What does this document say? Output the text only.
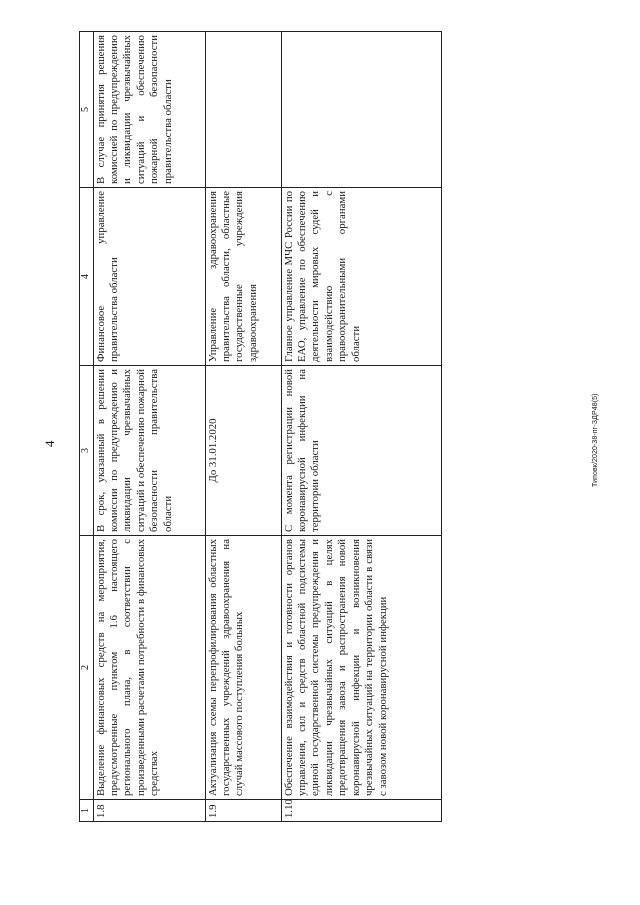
4	Типовк/2020-38-пг-ЗДР48(5)
1	2	3	4	5
1.8	Выделение финансовых средств на мероприятия, предусмотренные пунктом 1.6 настоящего регионального плана, в соответствии с произведенными расчетами потребности в финансовых средствах	В срок, указанный в решении комиссии по предупреждению и ликвидации чрезвычайных ситуаций и обеспечению пожарной безопасности правительства области	Финансовое управление правительства области	В случае принятия решения комиссией по предупреждению и ликвидации чрезвычайных ситуаций и обеспечению пожарной безопасности правительства области
1.9	Актуализация схемы перепрофилирования областных государственных учреждений здравоохранения на случай массового поступления больных	До 31.01.2020	Управление здравоохранения правительства области, областные государственные учреждения здравоохранения	
1.10	Обеспечение взаимодействия и готовности органов управления, сил и средств областной подсистемы единой государственной системы предупреждения и ликвидации чрезвычайных ситуаций в целях предотвращения завоза и распространения новой коронавирусной инфекции и возникновения чрезвычайных ситуаций на территории области в связи с завозом новой коронавирусной инфекции	С момента регистрации новой коронавирусной инфекции на территории области	Главное управление МЧС России по ЕАО, управление по обеспечению деятельности мировых судей и взаимодействию с правоохранительными органами области	
